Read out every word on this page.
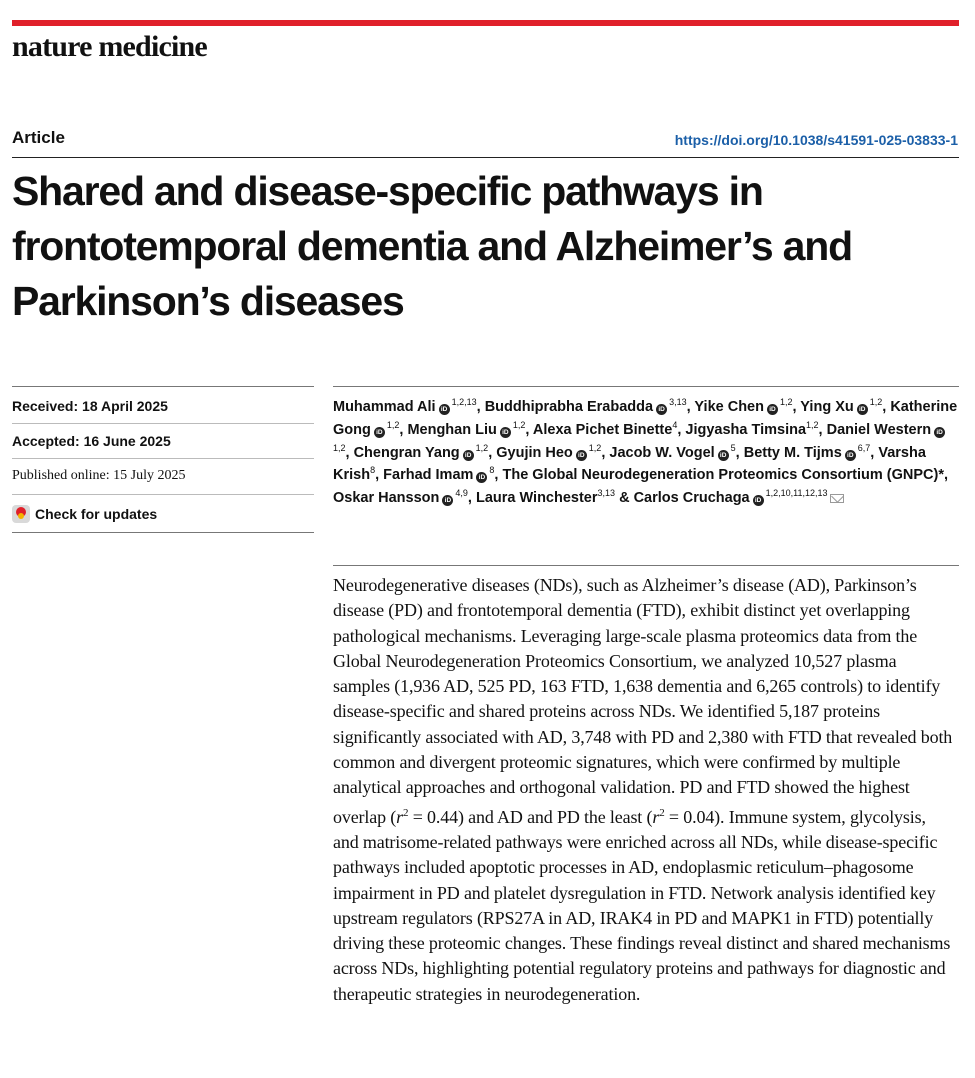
nature medicine
Article	https://doi.org/10.1038/s41591-025-03833-1
Shared and disease-specific pathways in frontotemporal dementia and Alzheimer’s and Parkinson’s diseases
Received: 18 April 2025
Accepted: 16 June 2025
Published online: 15 July 2025
Check for updates

Muhammad Ali iD$^{1,2,13}$, Buddhiprabha Erabadda iD$^{3,13}$, Yike Chen iD$^{1,2}$, Ying Xu iD$^{1,2}$, Katherine Gong iD$^{1,2}$, Menghan Liu iD$^{1,2}$, Alexa Pichet Binette$^4$, Jigyasha Timsina$^{1,2}$, Daniel Western iD$^{1,2}$, Chengran Yang iD$^{1,2}$, Gyujin Heo iD$^{1,2}$, Jacob W. Vogel iD$^5$, Betty M. Tijms iD$^{6,7}$, Varsha Krish$^8$, Farhad Imam iD$^8$, The Global Neurodegeneration Proteomics Consortium (GNPC)*, Oskar Hansson iD$^{4,9}$, Laura Winchester$^{3,13}$ & Carlos Cruchaga iD$^{1,2,10,11,12,13}$

Neurodegenerative diseases (NDs), such as Alzheimer’s disease (AD), Parkinson’s disease (PD) and frontotemporal dementia (FTD), exhibit distinct yet overlapping pathological mechanisms. Leveraging large-scale plasma proteomics data from the Global Neurodegeneration Proteomics Consortium, we analyzed 10,527 plasma samples (1,936 AD, 525 PD, 163 FTD, 1,638 dementia and 6,265 controls) to identify disease-specific and shared proteins across NDs. We identified 5,187 proteins significantly associated with AD, 3,748 with PD and 2,380 with FTD that revealed both common and divergent proteomic signatures, which were confirmed by multiple analytical approaches and orthogonal validation. PD and FTD showed the highest overlap $(r^2 = 0.44)$ and AD and PD the least $(r^2 = 0.04)$. Immune system, glycolysis, and matrisome-related pathways were enriched across all NDs, while disease-specific pathways included apoptotic processes in AD, endoplasmic reticulum–phagosome impairment in PD and platelet dysregulation in FTD. Network analysis identified key upstream regulators (RPS27A in AD, IRAK4 in PD and MAPK1 in FTD) potentially driving these proteomic changes. These findings reveal distinct and shared mechanisms across NDs, highlighting potential regulatory proteins and pathways for diagnostic and therapeutic strategies in neurodegeneration.
